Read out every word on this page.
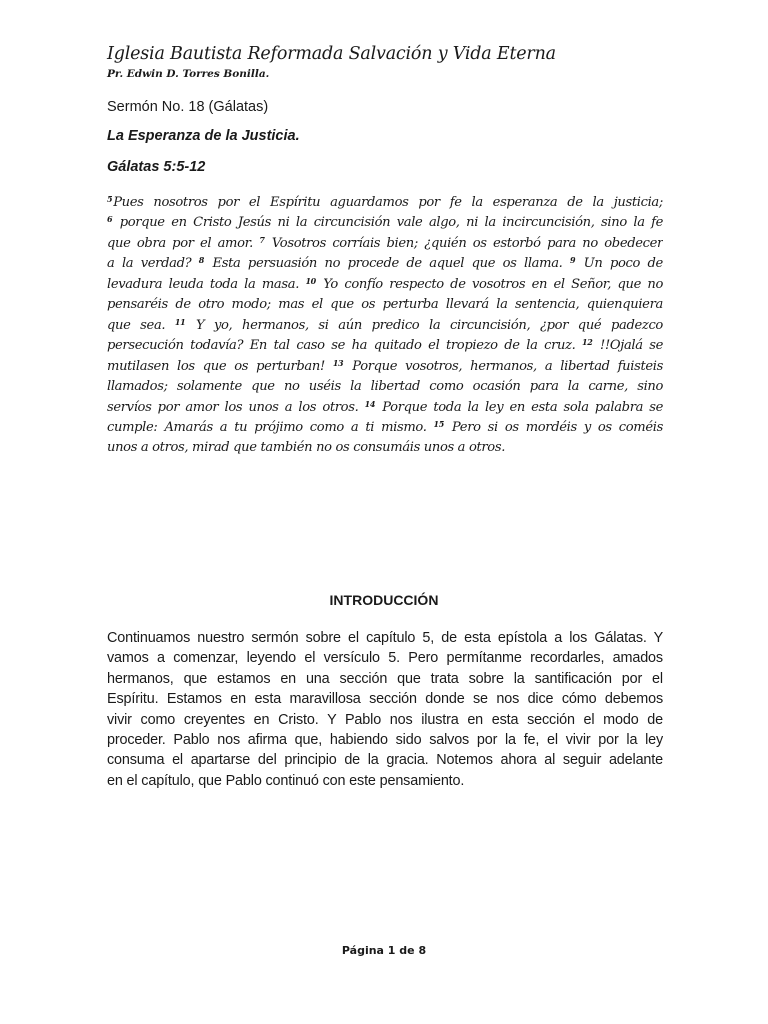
Iglesia Bautista Reformada Salvación y Vida Eterna
Pr. Edwin D. Torres Bonilla.
Sermón No. 18 (Gálatas)
La Esperanza de la Justicia.
Gálatas 5:5-12
$^5$Pues nosotros por el Espíritu aguardamos por fe la esperanza de la justicia;
$^6$ porque en Cristo Jesús ni la circuncisión vale algo, ni la incircuncisión, sino la fe
que obra por el amor. $^7$ Vosotros corríais bien; ¿quién os estorbó para no obedecer
a la verdad? $^8$ Esta persuasión no procede de aquel que os llama. $^9$ Un poco de
levadura leuda toda la masa. $^{10}$ Yo confío respecto de vosotros en el Señor, que no
pensaréis de otro modo; mas el que os perturba llevará la sentencia, quienquiera
que sea. $^{11}$ Y yo, hermanos, si aún predico la circuncisión, ¿por qué padezco
persecución todavía? En tal caso se ha quitado el tropiezo de la cruz. $^{12}$ !!Ojalá se
mutilasen los que os perturban! $^{13}$ Porque vosotros, hermanos, a libertad fuisteis
llamados; solamente que no uséis la libertad como ocasión para la carne, sino
servíos por amor los unos a los otros. $^{14}$ Porque toda la ley en esta sola palabra se
cumple: Amarás a tu prójimo como a ti mismo. $^{15}$ Pero si os mordéis y os coméis
unos a otros, mirad que también no os consumáis unos a otros.
INTRODUCCIÓN
Continuamos nuestro sermón sobre el capítulo 5, de esta epístola a los Gálatas. Y
vamos a comenzar, leyendo el versículo 5. Pero permítanme recordarles, amados
hermanos, que estamos en una sección que trata sobre la santificación por el
Espíritu. Estamos en esta maravillosa sección donde se nos dice cómo debemos
vivir como creyentes en Cristo. Y Pablo nos ilustra en esta sección el modo de
proceder. Pablo nos afirma que, habiendo sido salvos por la fe, el vivir por la ley
consuma el apartarse del principio de la gracia. Notemos ahora al seguir adelante
en el capítulo, que Pablo continuó con este pensamiento.
Página 1 de 8
